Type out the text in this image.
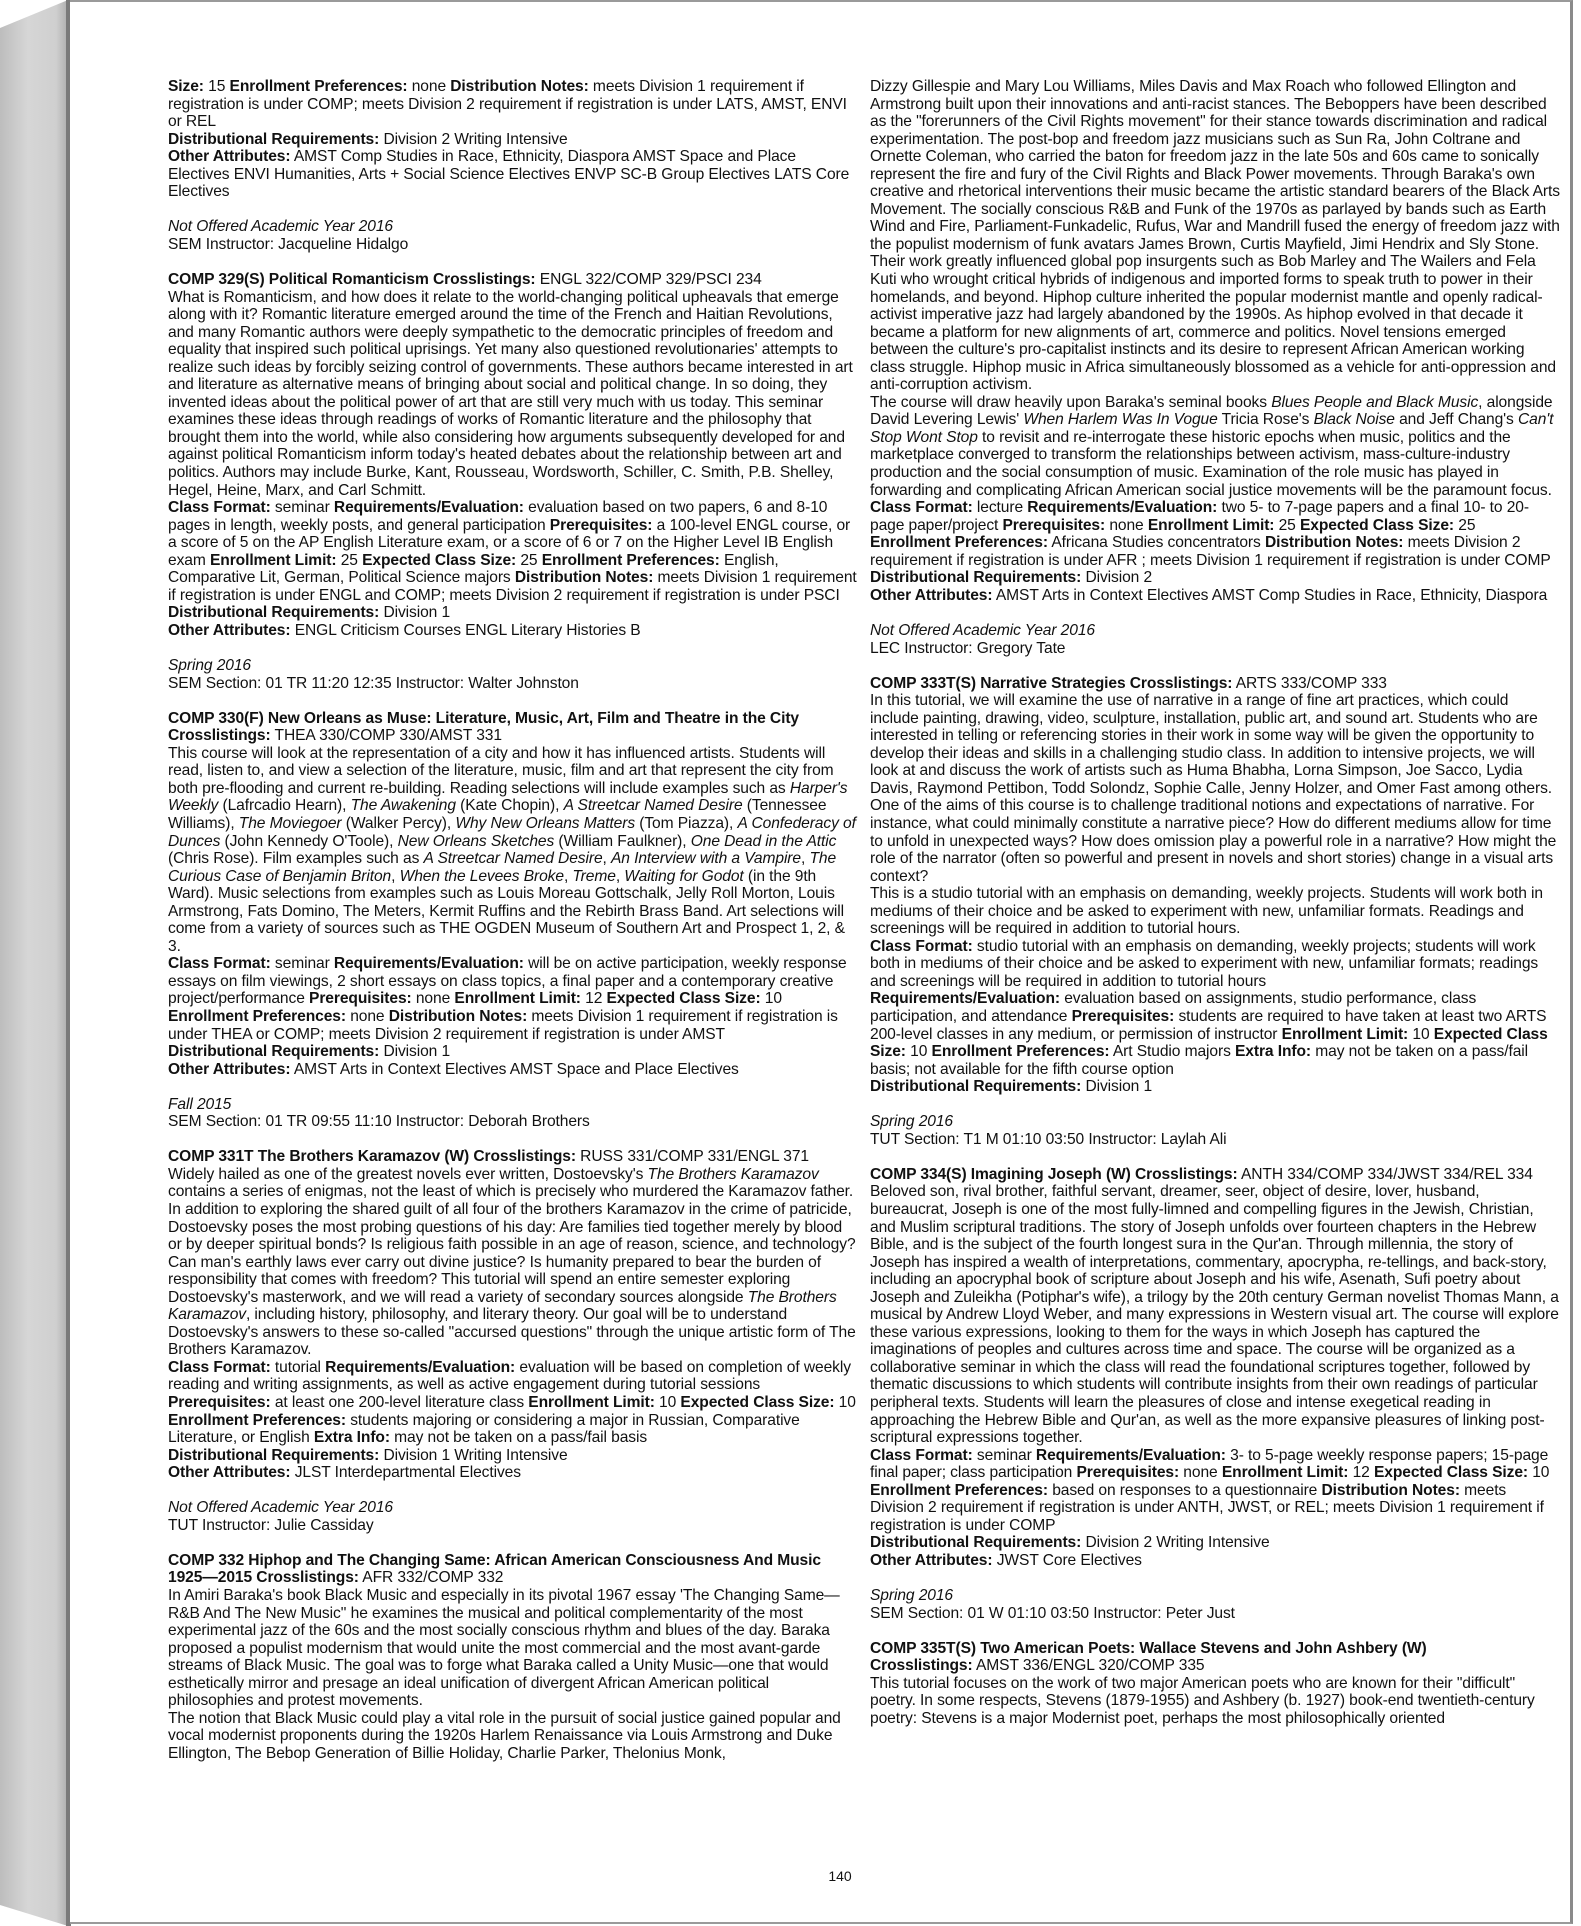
Size: 15 Enrollment Preferences: none Distribution Notes: meets Division 1 requirement if registration is under COMP; meets Division 2 requirement if registration is under LATS, AMST, ENVI or REL

Distributional Requirements: Division 2 Writing Intensive

Other Attributes: AMST Comp Studies in Race, Ethnicity, Diaspora AMST Space and Place Electives ENVI Humanities, Arts + Social Science Electives ENVP SC-B Group Electives LATS Core Electives

Not Offered Academic Year 2016

SEM Instructor: Jacqueline Hidalgo

COMP 329(S) Political Romanticism Crosslistings: ENGL 322/COMP 329/PSCI 234

What is Romanticism, and how does it relate to the world-changing political upheavals that emerge along with it? Romantic literature emerged around the time of the French and Haitian Revolutions, and many Romantic authors were deeply sympathetic to the democratic principles of freedom and equality that inspired such political uprisings. Yet many also questioned revolutionaries' attempts to realize such ideas by forcibly seizing control of governments. These authors became interested in art and literature as alternative means of bringing about social and political change. In so doing, they invented ideas about the political power of art that are still very much with us today. This seminar examines these ideas through readings of works of Romantic literature and the philosophy that brought them into the world, while also considering how arguments subsequently developed for and against political Romanticism inform today's heated debates about the relationship between art and politics. Authors may include Burke, Kant, Rousseau, Wordsworth, Schiller, C. Smith, P.B. Shelley, Hegel, Heine, Marx, and Carl Schmitt.

Class Format: seminar Requirements/Evaluation: evaluation based on two papers, 6 and 8-10 pages in length, weekly posts, and general participation Prerequisites: a 100-level ENGL course, or a score of 5 on the AP English Literature exam, or a score of 6 or 7 on the Higher Level IB English exam Enrollment Limit: 25 Expected Class Size: 25 Enrollment Preferences: English, Comparative Lit, German, Political Science majors Distribution Notes: meets Division 1 requirement if registration is under ENGL and COMP; meets Division 2 requirement if registration is under PSCI

Distributional Requirements: Division 1

Other Attributes: ENGL Criticism Courses ENGL Literary Histories B

Spring 2016

SEM Section: 01 TR 11:20 12:35 Instructor: Walter Johnston

COMP 330(F) New Orleans as Muse: Literature, Music, Art, Film and Theatre in the City

Crosslistings: THEA 330/COMP 330/AMST 331

This course will look at the representation of a city and how it has influenced artists. Students will read, listen to, and view a selection of the literature, music, film and art that represent the city from both pre-flooding and current re-building. Reading selections will include examples such as Harper's Weekly (Lafrcadio Hearn), The Awakening (Kate Chopin), A Streetcar Named Desire (Tennessee Williams), The Moviegoer (Walker Percy), Why New Orleans Matters (Tom Piazza), A Confederacy of Dunces (John Kennedy O'Toole), New Orleans Sketches (William Faulkner), One Dead in the Attic (Chris Rose). Film examples such as A Streetcar Named Desire, An Interview with a Vampire, The Curious Case of Benjamin Briton, When the Levees Broke, Treme, Waiting for Godot (in the 9th Ward). Music selections from examples such as Louis Moreau Gottschalk, Jelly Roll Morton, Louis Armstrong, Fats Domino, The Meters, Kermit Ruffins and the Rebirth Brass Band. Art selections will come from a variety of sources such as THE OGDEN Museum of Southern Art and Prospect 1, 2, & 3.

Class Format: seminar Requirements/Evaluation: will be on active participation, weekly response essays on film viewings, 2 short essays on class topics, a final paper and a contemporary creative project/performance Prerequisites: none Enrollment Limit: 12 Expected Class Size: 10 Enrollment Preferences: none Distribution Notes: meets Division 1 requirement if registration is under THEA or COMP; meets Division 2 requirement if registration is under AMST

Distributional Requirements: Division 1

Other Attributes: AMST Arts in Context Electives AMST Space and Place Electives

Fall 2015

SEM Section: 01 TR 09:55 11:10 Instructor: Deborah Brothers

COMP 331T The Brothers Karamazov (W) Crosslistings: RUSS 331/COMP 331/ENGL 371

Widely hailed as one of the greatest novels ever written, Dostoevsky's The Brothers Karamazov contains a series of enigmas, not the least of which is precisely who murdered the Karamazov father. In addition to exploring the shared guilt of all four of the brothers Karamazov in the crime of patricide, Dostoevsky poses the most probing questions of his day: Are families tied together merely by blood or by deeper spiritual bonds? Is religious faith possible in an age of reason, science, and technology? Can man's earthly laws ever carry out divine justice? Is humanity prepared to bear the burden of responsibility that comes with freedom? This tutorial will spend an entire semester exploring Dostoevsky's masterwork, and we will read a variety of secondary sources alongside The Brothers Karamazov, including history, philosophy, and literary theory. Our goal will be to understand Dostoevsky's answers to these so-called "accursed questions" through the unique artistic form of The Brothers Karamazov.

Class Format: tutorial Requirements/Evaluation: evaluation will be based on completion of weekly reading and writing assignments, as well as active engagement during tutorial sessions Prerequisites: at least one 200-level literature class Enrollment Limit: 10 Expected Class Size: 10 Enrollment Preferences: students majoring or considering a major in Russian, Comparative Literature, or English Extra Info: may not be taken on a pass/fail basis

Distributional Requirements: Division 1 Writing Intensive

Other Attributes: JLST Interdepartmental Electives

Not Offered Academic Year 2016

TUT Instructor: Julie Cassiday

COMP 332 Hiphop and The Changing Same: African American Consciousness And Music 1925—2015 Crosslistings: AFR 332/COMP 332

In Amiri Baraka's book Black Music and especially in its pivotal 1967 essay 'The Changing Same—R&B And The New Music'' he examines the musical and political complementarity of the most experimental jazz of the 60s and the most socially conscious rhythm and blues of the day. Baraka proposed a populist modernism that would unite the most commercial and the most avant-garde streams of Black Music. The goal was to forge what Baraka called a Unity Music—one that would esthetically mirror and presage an ideal unification of divergent African American political philosophies and protest movements.

The notion that Black Music could play a vital role in the pursuit of social justice gained popular and vocal modernist proponents during the 1920s Harlem Renaissance via Louis Armstrong and Duke Ellington, The Bebop Generation of Billie Holiday, Charlie Parker, Thelonius Monk,

Dizzy Gillespie and Mary Lou Williams, Miles Davis and Max Roach who followed Ellington and Armstrong built upon their innovations and anti-racist stances. The Beboppers have been described as the "forerunners of the Civil Rights movement" for their stance towards discrimination and radical experimentation. The post-bop and freedom jazz musicians such as Sun Ra, John Coltrane and Ornette Coleman, who carried the baton for freedom jazz in the late 50s and 60s came to sonically represent the fire and fury of the Civil Rights and Black Power movements. Through Baraka's own creative and rhetorical interventions their music became the artistic standard bearers of the Black Arts Movement. The socially conscious R&B and Funk of the 1970s as parlayed by bands such as Earth Wind and Fire, Parliament-Funkadelic, Rufus, War and Mandrill fused the energy of freedom jazz with the populist modernism of funk avatars James Brown, Curtis Mayfield, Jimi Hendrix and Sly Stone. Their work greatly influenced global pop insurgents such as Bob Marley and The Wailers and Fela Kuti who wrought critical hybrids of indigenous and imported forms to speak truth to power in their homelands, and beyond. Hiphop culture inherited the popular modernist mantle and openly radical-activist imperative jazz had largely abandoned by the 1990s. As hiphop evolved in that decade it became a platform for new alignments of art, commerce and politics. Novel tensions emerged between the culture's pro-capitalist instincts and its desire to represent African American working class struggle. Hiphop music in Africa simultaneously blossomed as a vehicle for anti-oppression and anti-corruption activism.

The course will draw heavily upon Baraka's seminal books Blues People and Black Music, alongside David Levering Lewis' When Harlem Was In Vogue Tricia Rose's Black Noise and Jeff Chang's Can't Stop Wont Stop to revisit and re-interrogate these historic epochs when music, politics and the marketplace converged to transform the relationships between activism, mass-culture-industry production and the social consumption of music. Examination of the role music has played in forwarding and complicating African American social justice movements will be the paramount focus.

Class Format: lecture Requirements/Evaluation: two 5- to 7-page papers and a final 10- to 20-page paper/project Prerequisites: none Enrollment Limit: 25 Expected Class Size: 25 Enrollment Preferences: Africana Studies concentrators Distribution Notes: meets Division 2 requirement if registration is under AFR ; meets Division 1 requirement if registration is under COMP

Distributional Requirements: Division 2

Other Attributes: AMST Arts in Context Electives AMST Comp Studies in Race, Ethnicity, Diaspora

Not Offered Academic Year 2016

LEC Instructor: Gregory Tate

COMP 333T(S) Narrative Strategies Crosslistings: ARTS 333/COMP 333

In this tutorial, we will examine the use of narrative in a range of fine art practices, which could include painting, drawing, video, sculpture, installation, public art, and sound art. Students who are interested in telling or referencing stories in their work in some way will be given the opportunity to develop their ideas and skills in a challenging studio class. In addition to intensive projects, we will look at and discuss the work of artists such as Huma Bhabha, Lorna Simpson, Joe Sacco, Lydia Davis, Raymond Pettibon, Todd Solondz, Sophie Calle, Jenny Holzer, and Omer Fast among others. One of the aims of this course is to challenge traditional notions and expectations of narrative. For instance, what could minimally constitute a narrative piece? How do different mediums allow for time to unfold in unexpected ways? How does omission play a powerful role in a narrative? How might the role of the narrator (often so powerful and present in novels and short stories) change in a visual arts context?

This is a studio tutorial with an emphasis on demanding, weekly projects. Students will work both in mediums of their choice and be asked to experiment with new, unfamiliar formats. Readings and screenings will be required in addition to tutorial hours.

Class Format: studio tutorial with an emphasis on demanding, weekly projects; students will work both in mediums of their choice and be asked to experiment with new, unfamiliar formats; readings and screenings will be required in addition to tutorial hours

Requirements/Evaluation: evaluation based on assignments, studio performance, class participation, and attendance Prerequisites: students are required to have taken at least two ARTS 200-level classes in any medium, or permission of instructor Enrollment Limit: 10 Expected Class Size: 10 Enrollment Preferences: Art Studio majors Extra Info: may not be taken on a pass/fail basis; not available for the fifth course option

Distributional Requirements: Division 1

Spring 2016

TUT Section: T1 M 01:10 03:50 Instructor: Laylah Ali

COMP 334(S) Imagining Joseph (W) Crosslistings: ANTH 334/COMP 334/JWST 334/REL 334

Beloved son, rival brother, faithful servant, dreamer, seer, object of desire, lover, husband, bureaucrat, Joseph is one of the most fully-limned and compelling figures in the Jewish, Christian, and Muslim scriptural traditions. The story of Joseph unfolds over fourteen chapters in the Hebrew Bible, and is the subject of the fourth longest sura in the Qur'an. Through millennia, the story of Joseph has inspired a wealth of interpretations, commentary, apocrypha, re-tellings, and back-story, including an apocryphal book of scripture about Joseph and his wife, Asenath, Sufi poetry about Joseph and Zuleikha (Potiphar's wife), a trilogy by the 20th century German novelist Thomas Mann, a musical by Andrew Lloyd Weber, and many expressions in Western visual art. The course will explore these various expressions, looking to them for the ways in which Joseph has captured the imaginations of peoples and cultures across time and space. The course will be organized as a collaborative seminar in which the class will read the foundational scriptures together, followed by thematic discussions to which students will contribute insights from their own readings of particular peripheral texts. Students will learn the pleasures of close and intense exegetical reading in approaching the Hebrew Bible and Qur'an, as well as the more expansive pleasures of linking post-scriptural expressions together.

Class Format: seminar Requirements/Evaluation: 3- to 5-page weekly response papers; 15-page final paper; class participation Prerequisites: none Enrollment Limit: 12 Expected Class Size: 10 Enrollment Preferences: based on responses to a questionnaire Distribution Notes: meets Division 2 requirement if registration is under ANTH, JWST, or REL; meets Division 1 requirement if registration is under COMP

Distributional Requirements: Division 2 Writing Intensive

Other Attributes: JWST Core Electives

Spring 2016

SEM Section: 01 W 01:10 03:50 Instructor: Peter Just

COMP 335T(S) Two American Poets: Wallace Stevens and John Ashbery (W)

Crosslistings: AMST 336/ENGL 320/COMP 335

This tutorial focuses on the work of two major American poets who are known for their "difficult" poetry. In some respects, Stevens (1879-1955) and Ashbery (b. 1927) book-end twentieth-century poetry: Stevens is a major Modernist poet, perhaps the most philosophically oriented

140
